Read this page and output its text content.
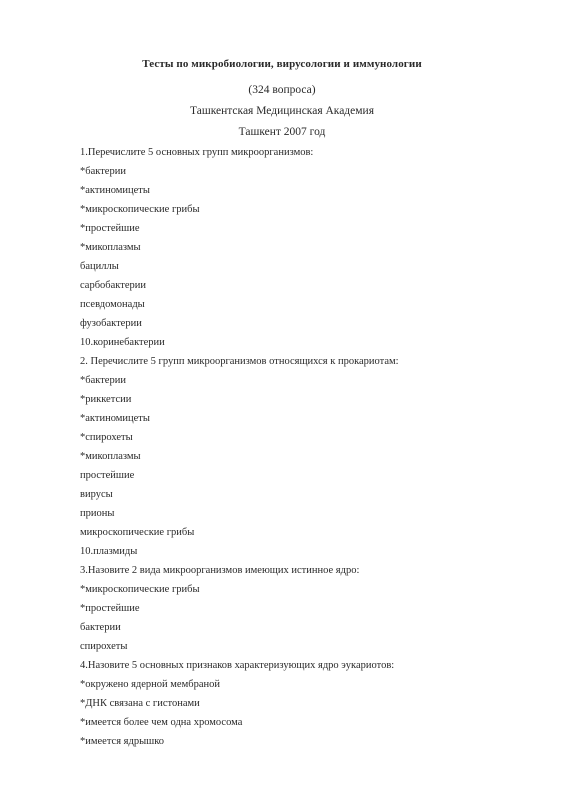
Тесты по микробиологии, вирусологии и иммунологии
(324 вопроса)
Ташкентская Медицинская Академия
Ташкент 2007 год
1.Перечислите 5 основных групп микроорганизмов:
*бактерии
*актиномицеты
*микроскопические грибы
*простейшие
*микоплазмы
бациллы
сарбобактерии
псевдомонады
фузобактерии
10.коринебактерии
2. Перечислите 5 групп микроорганизмов относящихся к прокариотам:
*бактерии
*риккетсии
*актиномицеты
*спирохеты
*микоплазмы
простейшие
вирусы
прионы
микроскопические грибы
10.плазмиды
3.Назовите 2 вида микроорганизмов имеющих истинное ядро:
*микроскопические грибы
*простейшие
бактерии
спирохеты
4.Назовите 5 основных признаков характеризующих ядро эукариотов:
*окружено ядерной мембраной
*ДНК связана с гистонами
*имеется более чем одна хромосома
*имеется ядрышко
